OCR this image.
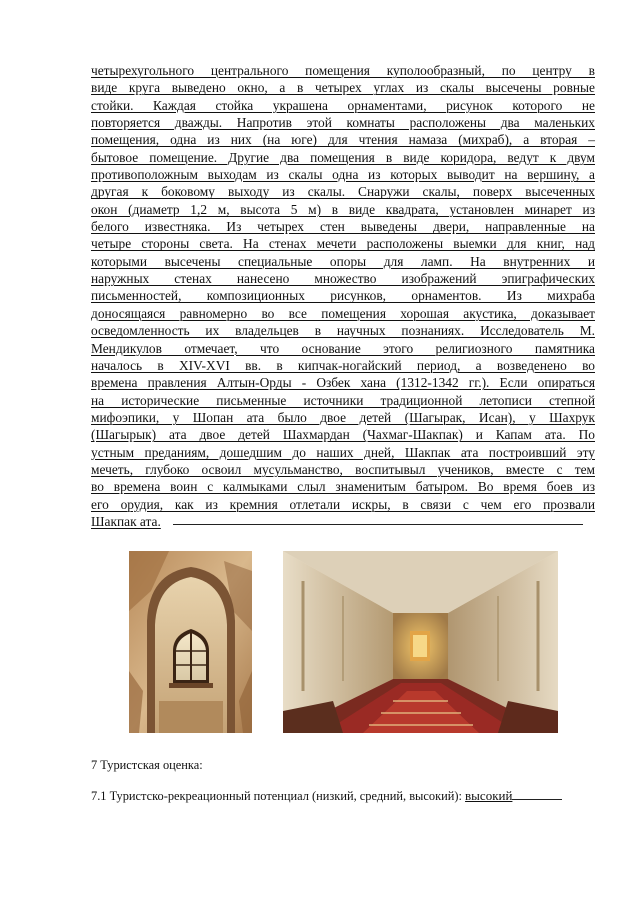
четырехугольного центрального помещения куполообразный, по центру в
виде круга выведено окно, а в четырех углах из скалы высечены ровные
стойки. Каждая стойка украшена орнаментами, рисунок которого не
повторяется дважды. Напротив этой комнаты расположены два маленьких
помещения, одна из них (на юге) для чтения намаза (михраб), а вторая –
бытовое помещение. Другие два помещения в виде коридора, ведут к двум
противоположным выходам из скалы одна из которых выводит на вершину, а
другая к боковому выходу из скалы. Снаружи скалы, поверх высеченных
окон (диаметр 1,2 м, высота 5 м) в виде квадрата, установлен минарет из
белого известняка. Из четырех стен выведены двери, направленные на
четыре стороны света. На стенах мечети расположены выемки для книг, над
которыми высечены специальные опоры для ламп. На внутренних и
наружных стенах нанесено множество изображений эпиграфических
письменностей, композиционных рисунков, орнаментов. Из михраба
доносящаяся равномерно во все помещения хорошая акустика, доказывает
осведомленность их владельцев в научных познаниях. Исследователь М.
Мендикулов отмечает, что основание этого религиозного памятника
началось в XIV-XVI вв. в кипчак-ногайский период, а возведенено во
времена правления Алтын-Орды - Озбек хана (1312-1342 гг.). Если опираться
на исторические письменные источники традиционной летописи степной
мифоэпики, у Шопан ата было двое детей (Шагырак, Исан), у Шахрук
(Шагырык) ата двое детей Шахмардан (Чахмаг-Шакпак) и Капам ата. По
устным преданиям, дошедшим до наших дней, Шакпак ата построивший эту
мечеть, глубоко освоил мусульманство, воспитывыл учеников, вместе с тем
во времена воин с калмыками слыл знаменитым батыром. Во время боев из
его орудия, как из кремния отлетали искры, в связи с чем его прозвали
Шакпак ата.
7 Туристская оценка:
7.1 Туристско-рекреационный потенциал (низкий, средний, высокий): высокий
